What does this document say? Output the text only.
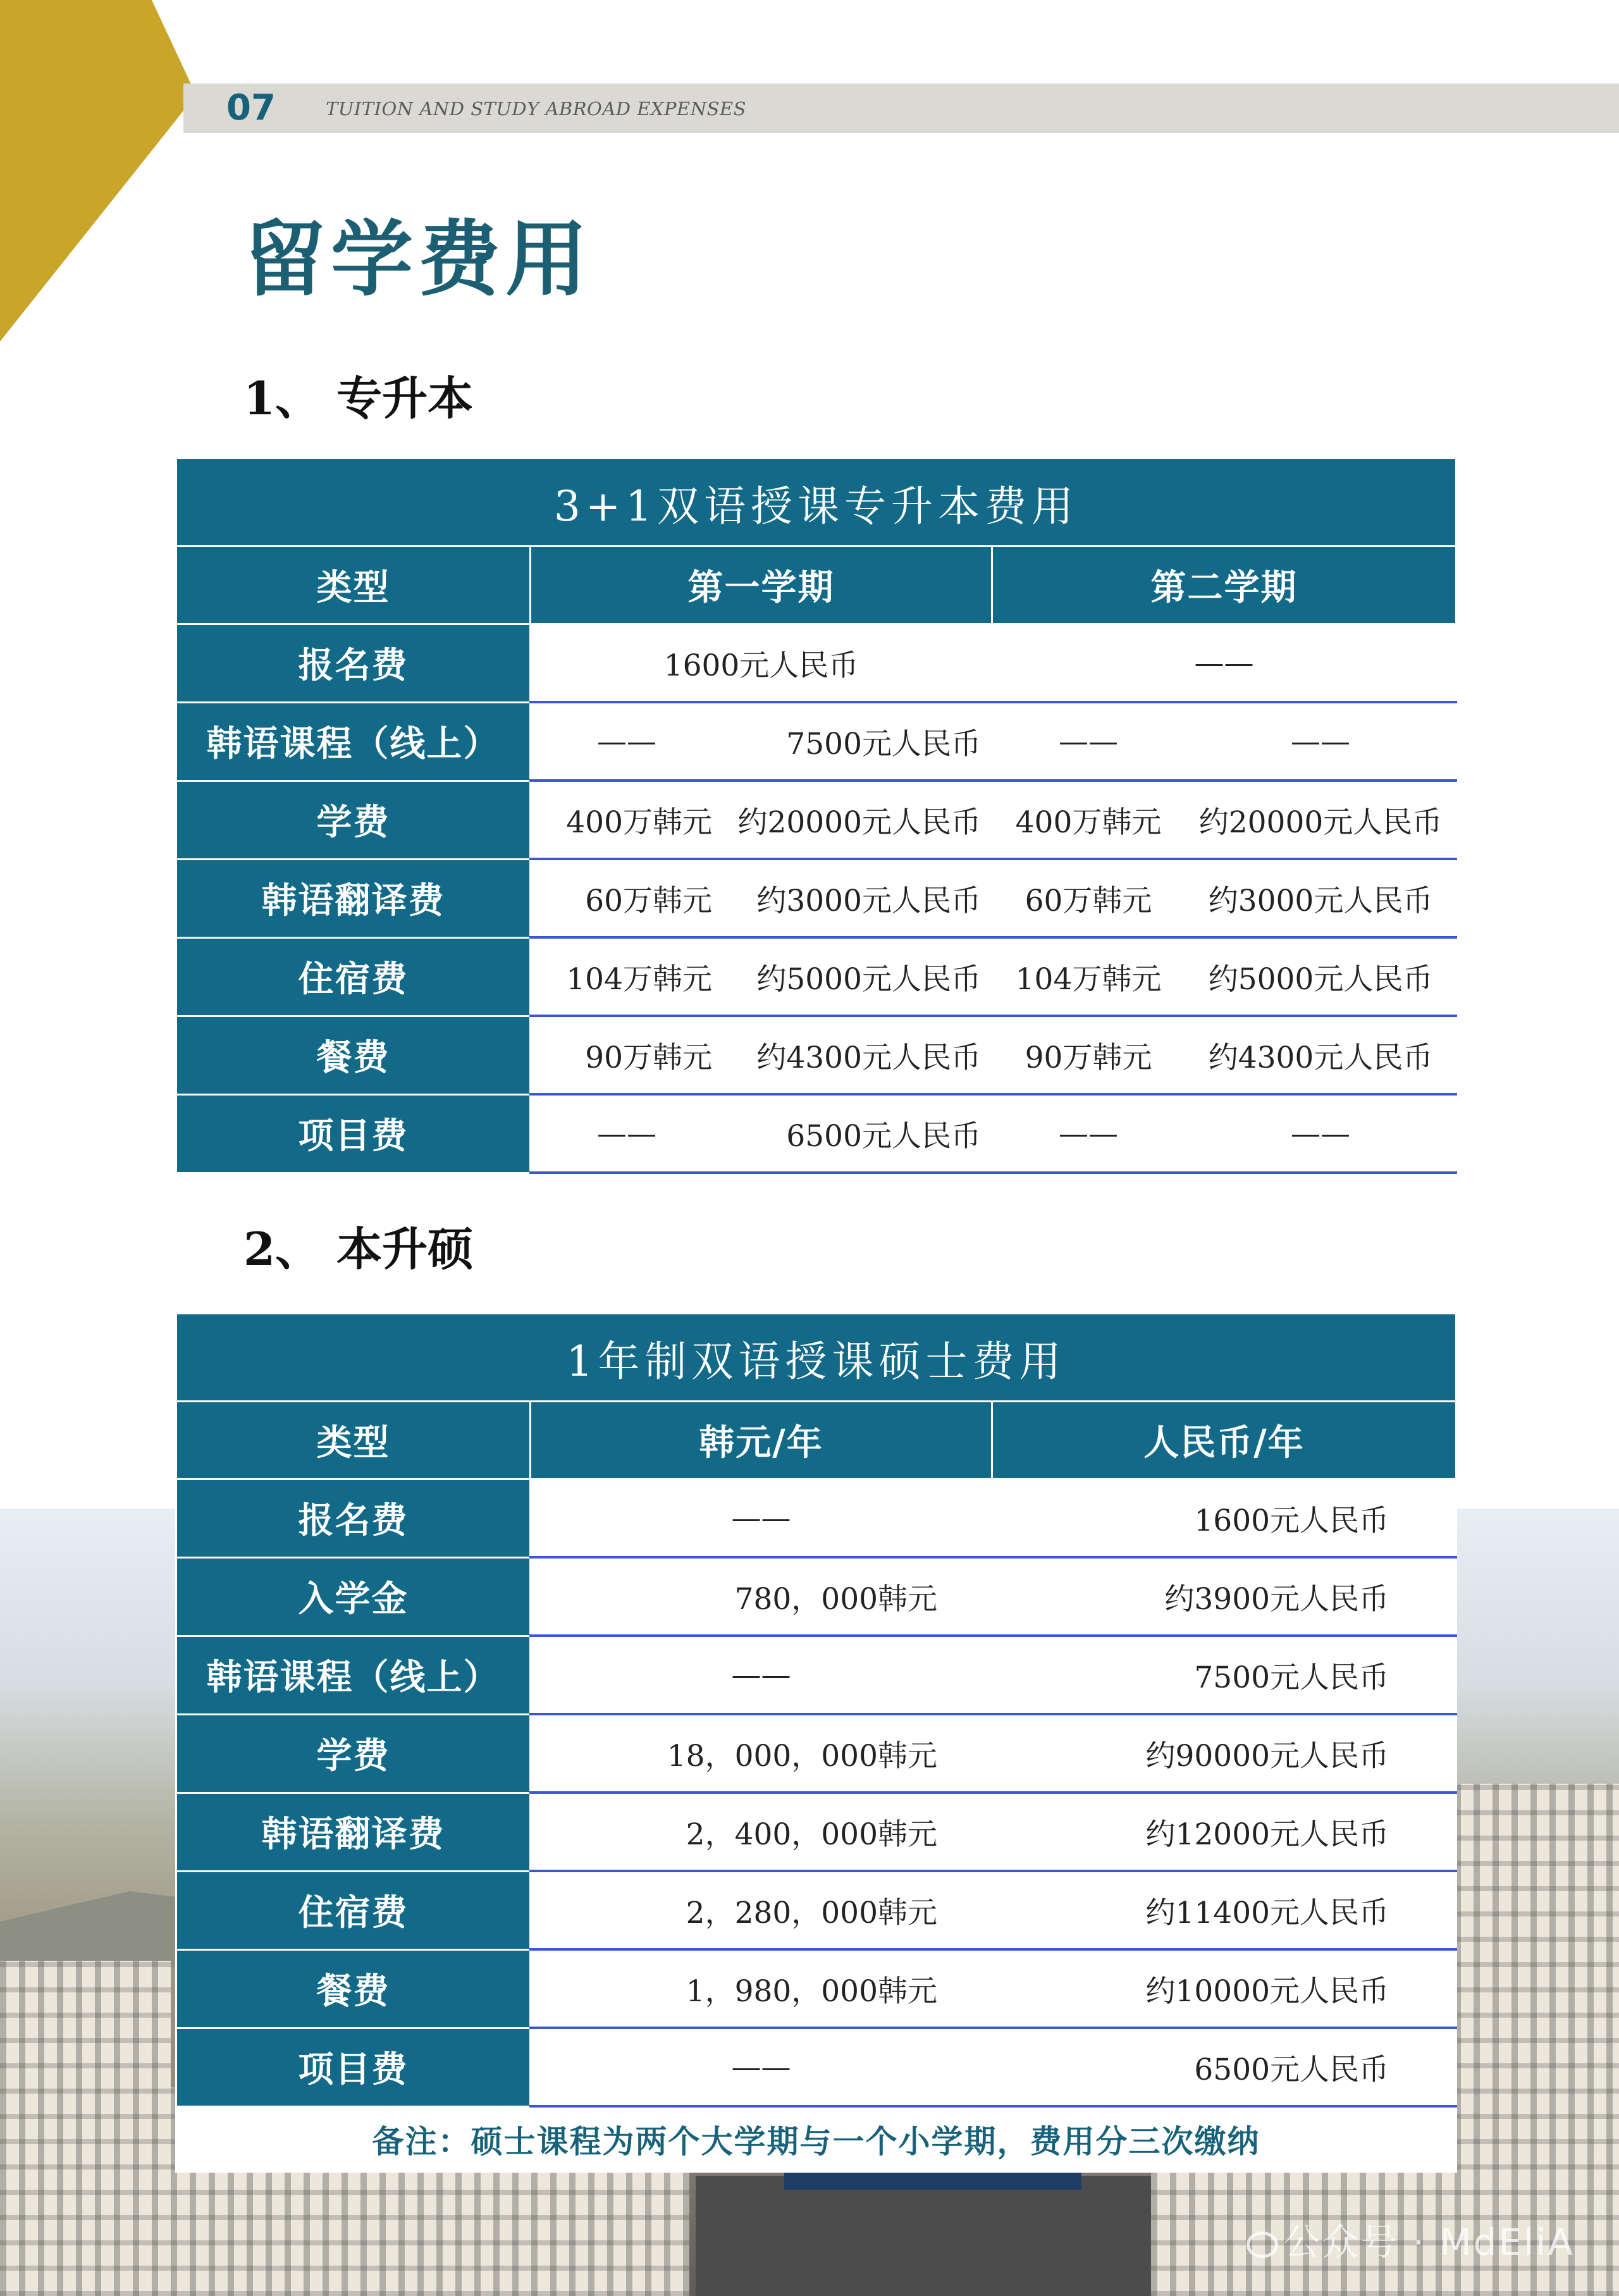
07	TUITION AND STUDY ABROAD EXPENSES
留学费用
1、 专升本
3+1双语授课专升本费用				
类型	第一学期		第二学期	
报名费	1600元人民币		——	
韩语课程（线上）	——	7500元人民币	——	——
学费	400万韩元	约20000元人民币	400万韩元	约20000元人民币
韩语翻译费	60万韩元	约3000元人民币	60万韩元	约3000元人民币
住宿费	104万韩元	约5000元人民币	104万韩元	约5000元人民币
餐费	90万韩元	约4300元人民币	90万韩元	约4300元人民币
项目费	——	6500元人民币	——	——
2、 本升硕
1年制双语授课硕士费用		
类型	韩元/年	人民币/年
报名费	——	1600元人民币
入学金	780，000韩元	约3900元人民币
韩语课程（线上）	——	7500元人民币
学费	18，000，000韩元	约90000元人民币
韩语翻译费	2，400，000韩元	约12000元人民币
住宿费	2，280，000韩元	约11400元人民币
餐费	1，980，000韩元	约10000元人民币
项目费	——	6500元人民币
备注：硕士课程为两个大学期与一个小学期，费用分三次缴纳		
公众号 · MdEliA
